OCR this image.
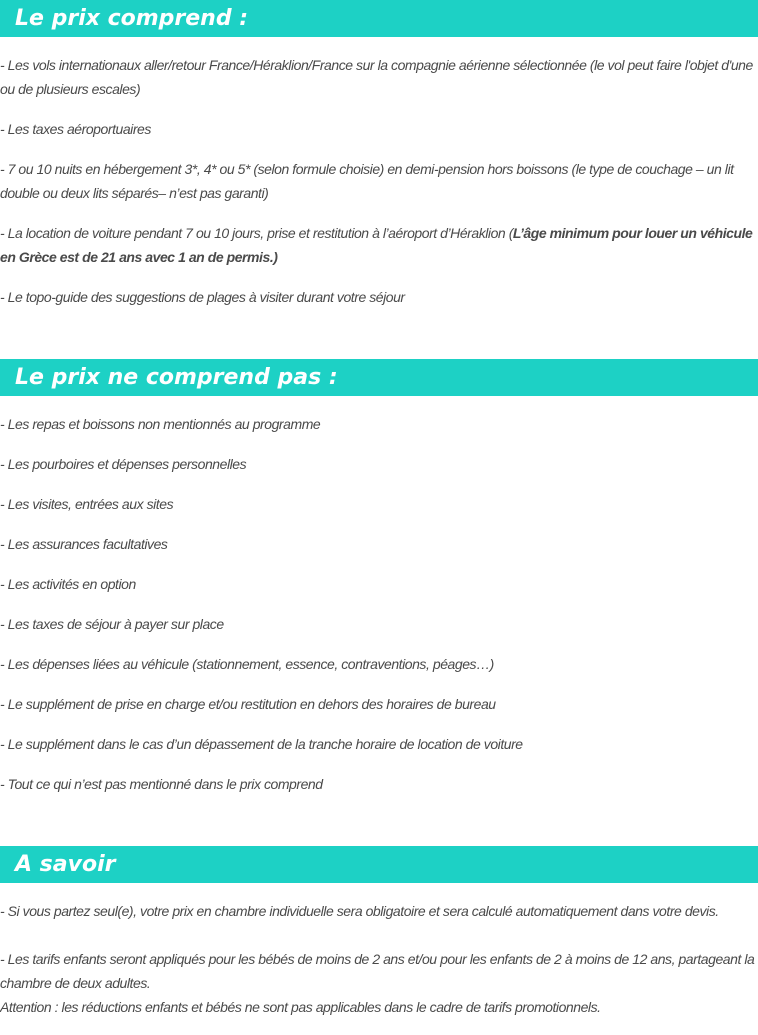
Le prix comprend :

- Les vols internationaux aller/retour France/Héraklion/France sur la compagnie aérienne sélectionnée (le vol peut faire l'objet d'une ou de plusieurs escales)

- Les taxes aéroportuaires

- 7 ou 10 nuits en hébergement 3*, 4* ou 5* (selon formule choisie) en demi-pension hors boissons (le type de couchage – un lit double ou deux lits séparés– n’est pas garanti)

- La location de voiture pendant 7 ou 10 jours, prise et restitution à l’aéroport d’Héraklion (L’âge minimum pour louer un véhicule en Grèce est de 21 ans avec 1 an de permis.)

- Le topo-guide des suggestions de plages à visiter durant votre séjour

Le prix ne comprend pas :

- Les repas et boissons non mentionnés au programme

- Les pourboires et dépenses personnelles

- Les visites, entrées aux sites

- Les assurances facultatives

- Les activités en option

- Les taxes de séjour à payer sur place

- Les dépenses liées au véhicule (stationnement, essence, contraventions, péages…)

- Le supplément de prise en charge et/ou restitution en dehors des horaires de bureau

- Le supplément dans le cas d’un dépassement de la tranche horaire de location de voiture

- Tout ce qui n’est pas mentionné dans le prix comprend

A savoir

- Si vous partez seul(e), votre prix en chambre individuelle sera obligatoire et sera calculé automatiquement dans votre devis.

- Les tarifs enfants seront appliqués pour les bébés de moins de 2 ans et/ou pour les enfants de 2 à moins de 12 ans, partageant la chambre de deux adultes.

Attention : les réductions enfants et bébés ne sont pas applicables dans le cadre de tarifs promotionnels.
